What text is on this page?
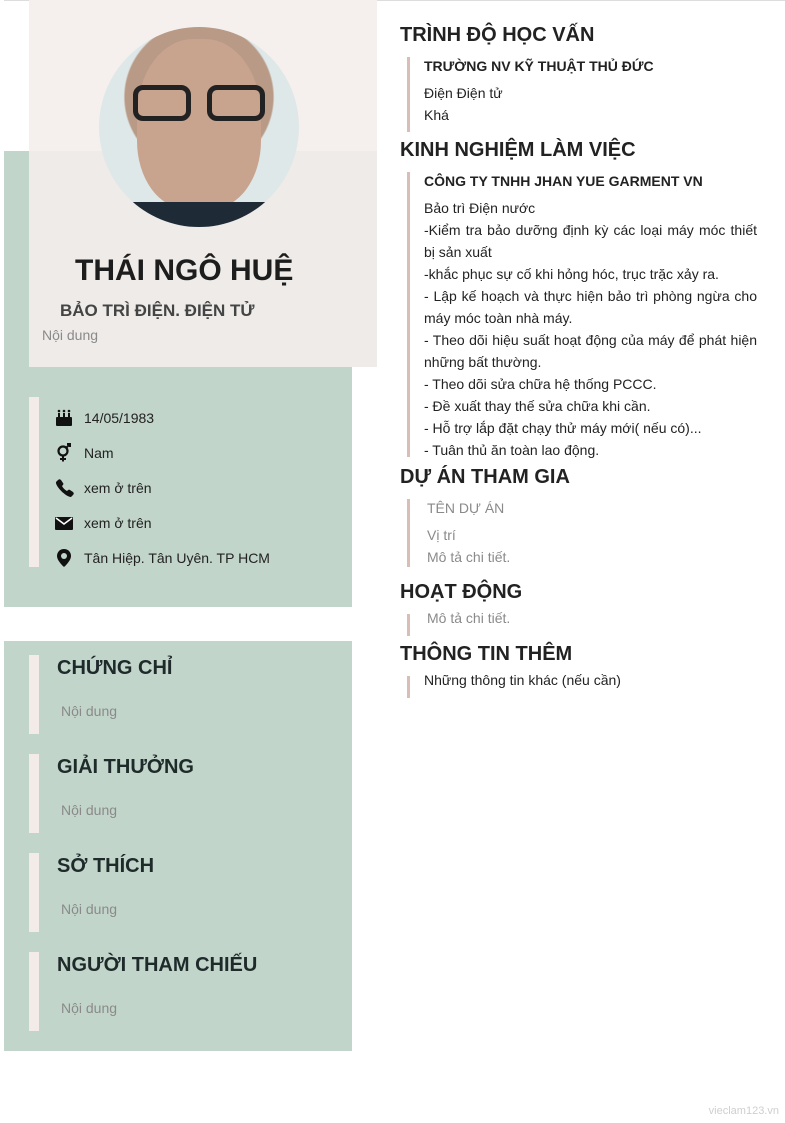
THÁI NGÔ HUỆ
BẢO TRÌ ĐIỆN. ĐIỆN TỬ
Nội dung
14/05/1983
Nam
xem ở trên
xem ở trên
Tân Hiệp. Tân Uyên. TP HCM
CHỨNG CHỈ
Nội dung
GIẢI THƯỞNG
Nội dung
SỞ THÍCH
Nội dung
NGƯỜI THAM CHIẾU
Nội dung
TRÌNH ĐỘ HỌC VẤN
TRƯỜNG NV KỸ THUẬT THỦ ĐỨC
Điện Điện tử
Khá
KINH NGHIỆM LÀM VIỆC
CÔNG TY TNHH JHAN YUE GARMENT VN
Bảo trì Điện nước
-Kiểm tra bảo dưỡng định kỳ các loại máy móc thiết bị sản xuất
-khắc phục sự cố khi hỏng hóc, trục trặc xảy ra.
- Lập kế hoạch và thực hiện bảo trì phòng ngừa cho máy móc toàn nhà máy.
- Theo dõi hiệu suất hoạt động của máy để phát hiện những bất thường.
- Theo dõi sửa chữa hệ thống PCCC.
- Đề xuất thay thế sửa chữa khi cần.
- Hỗ trợ lắp đặt chạy thử máy mới( nếu có)...
- Tuân thủ ăn toàn lao động.
DỰ ÁN THAM GIA
TÊN DỰ ÁN
Vị trí
Mô tả chi tiết.
HOẠT ĐỘNG
Mô tả chi tiết.
THÔNG TIN THÊM
Những thông tin khác (nếu cần)
vieclam123.vn
